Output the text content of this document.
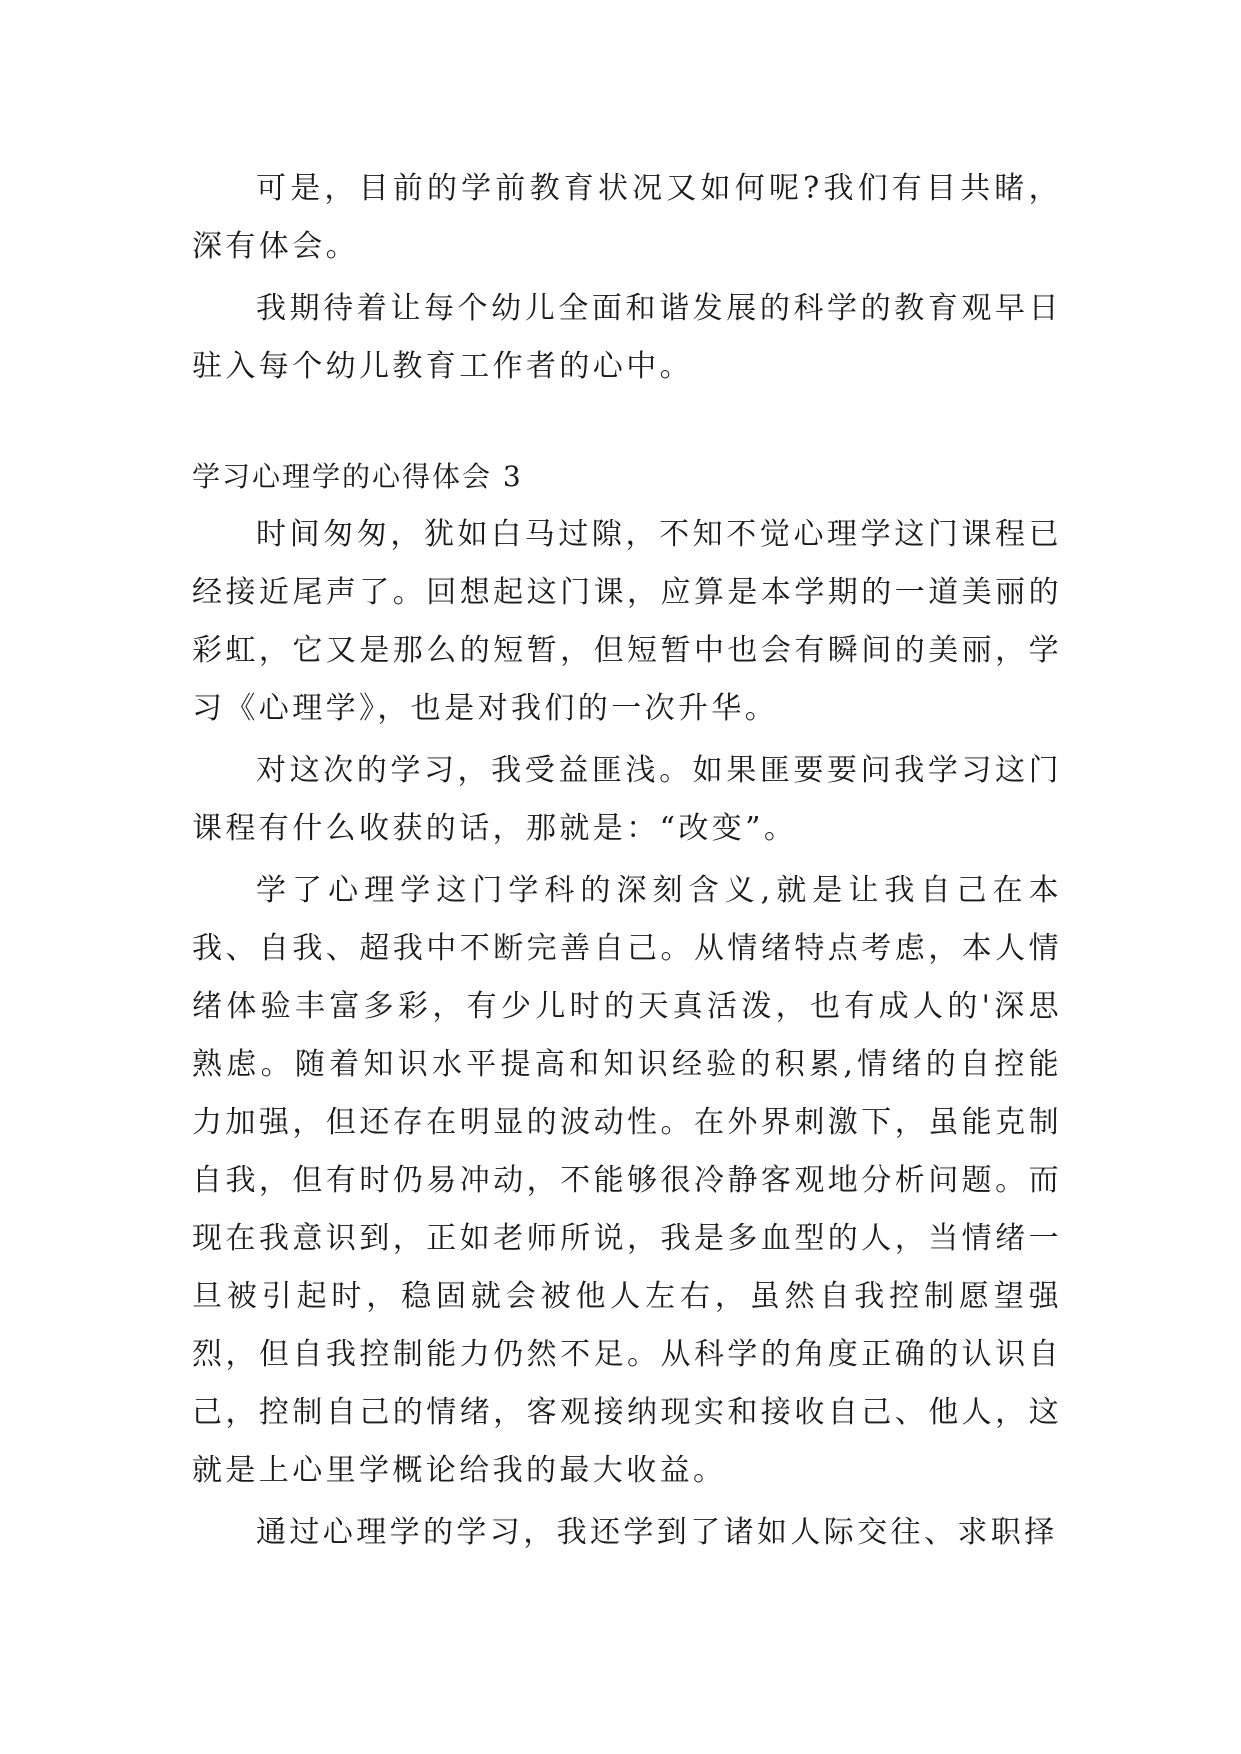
可是，目前的学前教育状况又如何呢?我们有目共睹，深有体会。

我期待着让每个幼儿全面和谐发展的科学的教育观早日驻入每个幼儿教育工作者的心中。

学习心理学的心得体会 3

时间匆匆，犹如白马过隙，不知不觉心理学这门课程已经接近尾声了。回想起这门课，应算是本学期的一道美丽的彩虹，它又是那么的短暂，但短暂中也会有瞬间的美丽，学习《心理学》，也是对我们的一次升华。

对这次的学习，我受益匪浅。如果匪要要问我学习这门课程有什么收获的话，那就是：“改变”。

学了心理学这门学科的深刻含义,就是让我自己在本我、自我、超我中不断完善自己。从情绪特点考虑，本人情绪体验丰富多彩，有少儿时的天真活泼，也有成人的'深思熟虑。随着知识水平提高和知识经验的积累,情绪的自控能力加强，但还存在明显的波动性。在外界刺激下，虽能克制自我，但有时仍易冲动，不能够很冷静客观地分析问题。而现在我意识到，正如老师所说，我是多血型的人，当情绪一旦被引起时，稳固就会被他人左右，虽然自我控制愿望强烈，但自我控制能力仍然不足。从科学的角度正确的认识自己，控制自己的情绪，客观接纳现实和接收自己、他人，这就是上心里学概论给我的最大收益。

通过心理学的学习，我还学到了诸如人际交往、求职择
